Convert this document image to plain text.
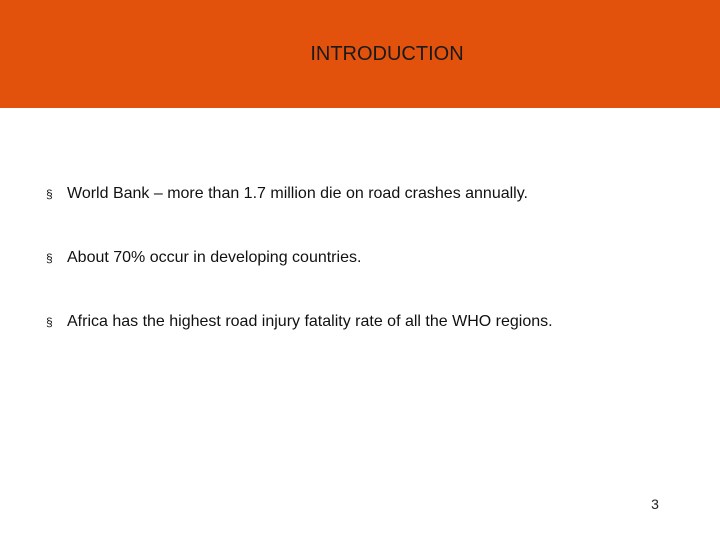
INTRODUCTION
§ World Bank – more than 1.7 million die on road crashes annually.
§ About 70% occur in developing countries.
§ Africa has the highest road injury fatality rate of all the WHO regions.
3
